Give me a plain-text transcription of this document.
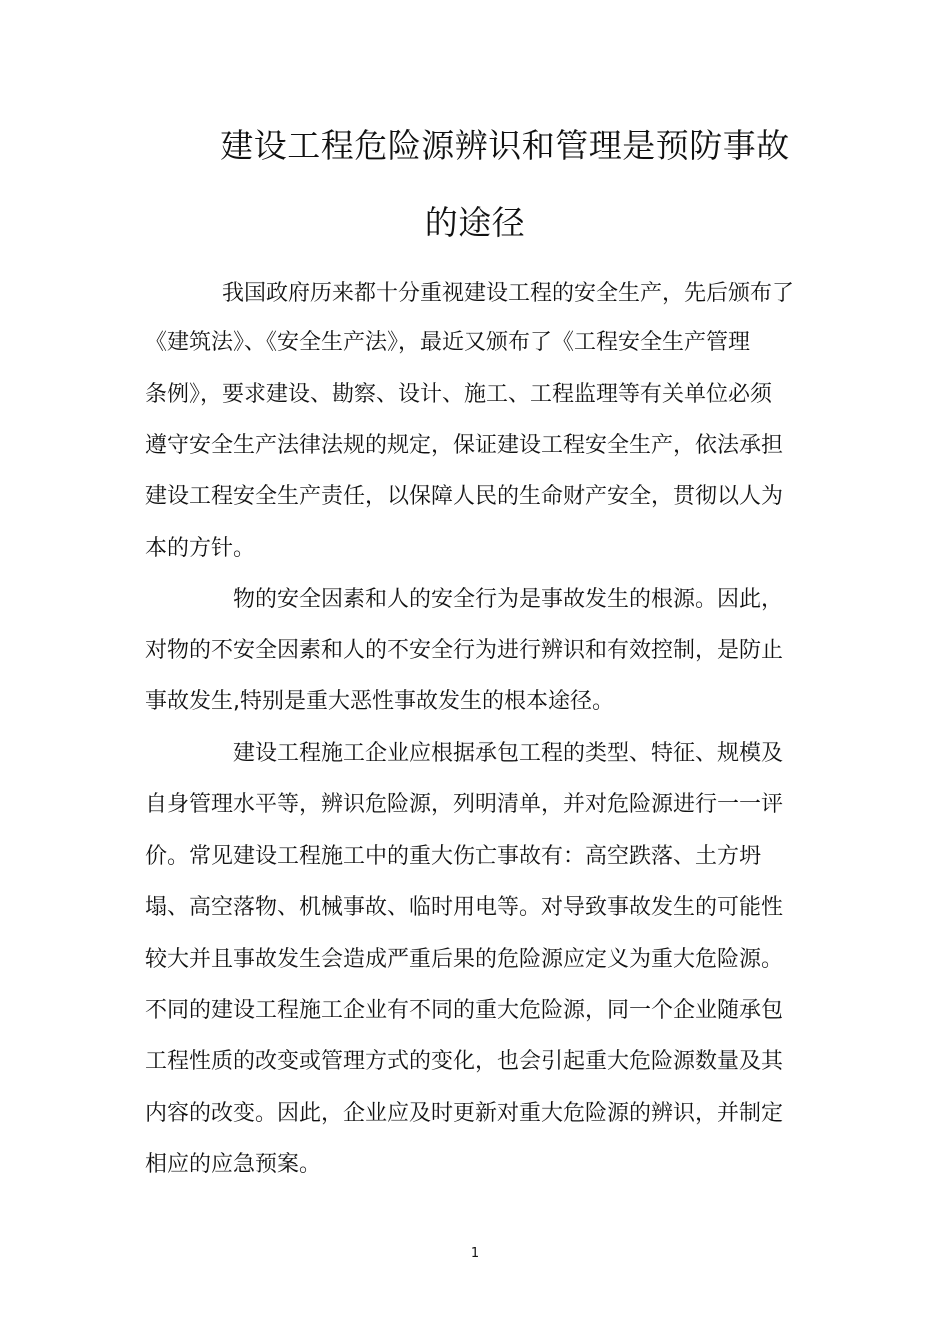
建设工程危险源辨识和管理是预防事故
的途径

我国政府历来都十分重视建设工程的安全生产，先后颁布了

《建筑法》、《安全生产法》，最近又颁布了《工程安全生产管理

条例》，要求建设、勘察、设计、施工、工程监理等有关单位必须

遵守安全生产法律法规的规定，保证建设工程安全生产，依法承担

建设工程安全生产责任，以保障人民的生命财产安全，贯彻以人为

本的方针。

物的安全因素和人的安全行为是事故发生的根源。因此，

对物的不安全因素和人的不安全行为进行辨识和有效控制，是防止

事故发生,特别是重大恶性事故发生的根本途径。

建设工程施工企业应根据承包工程的类型、特征、规模及

自身管理水平等，辨识危险源，列明清单，并对危险源进行一一评

价。常见建设工程施工中的重大伤亡事故有：高空跌落、土方坍

塌、高空落物、机械事故、临时用电等。对导致事故发生的可能性

较大并且事故发生会造成严重后果的危险源应定义为重大危险源。

不同的建设工程施工企业有不同的重大危险源，同一个企业随承包

工程性质的改变或管理方式的变化，也会引起重大危险源数量及其

内容的改变。因此，企业应及时更新对重大危险源的辨识，并制定

相应的应急预案。

1
